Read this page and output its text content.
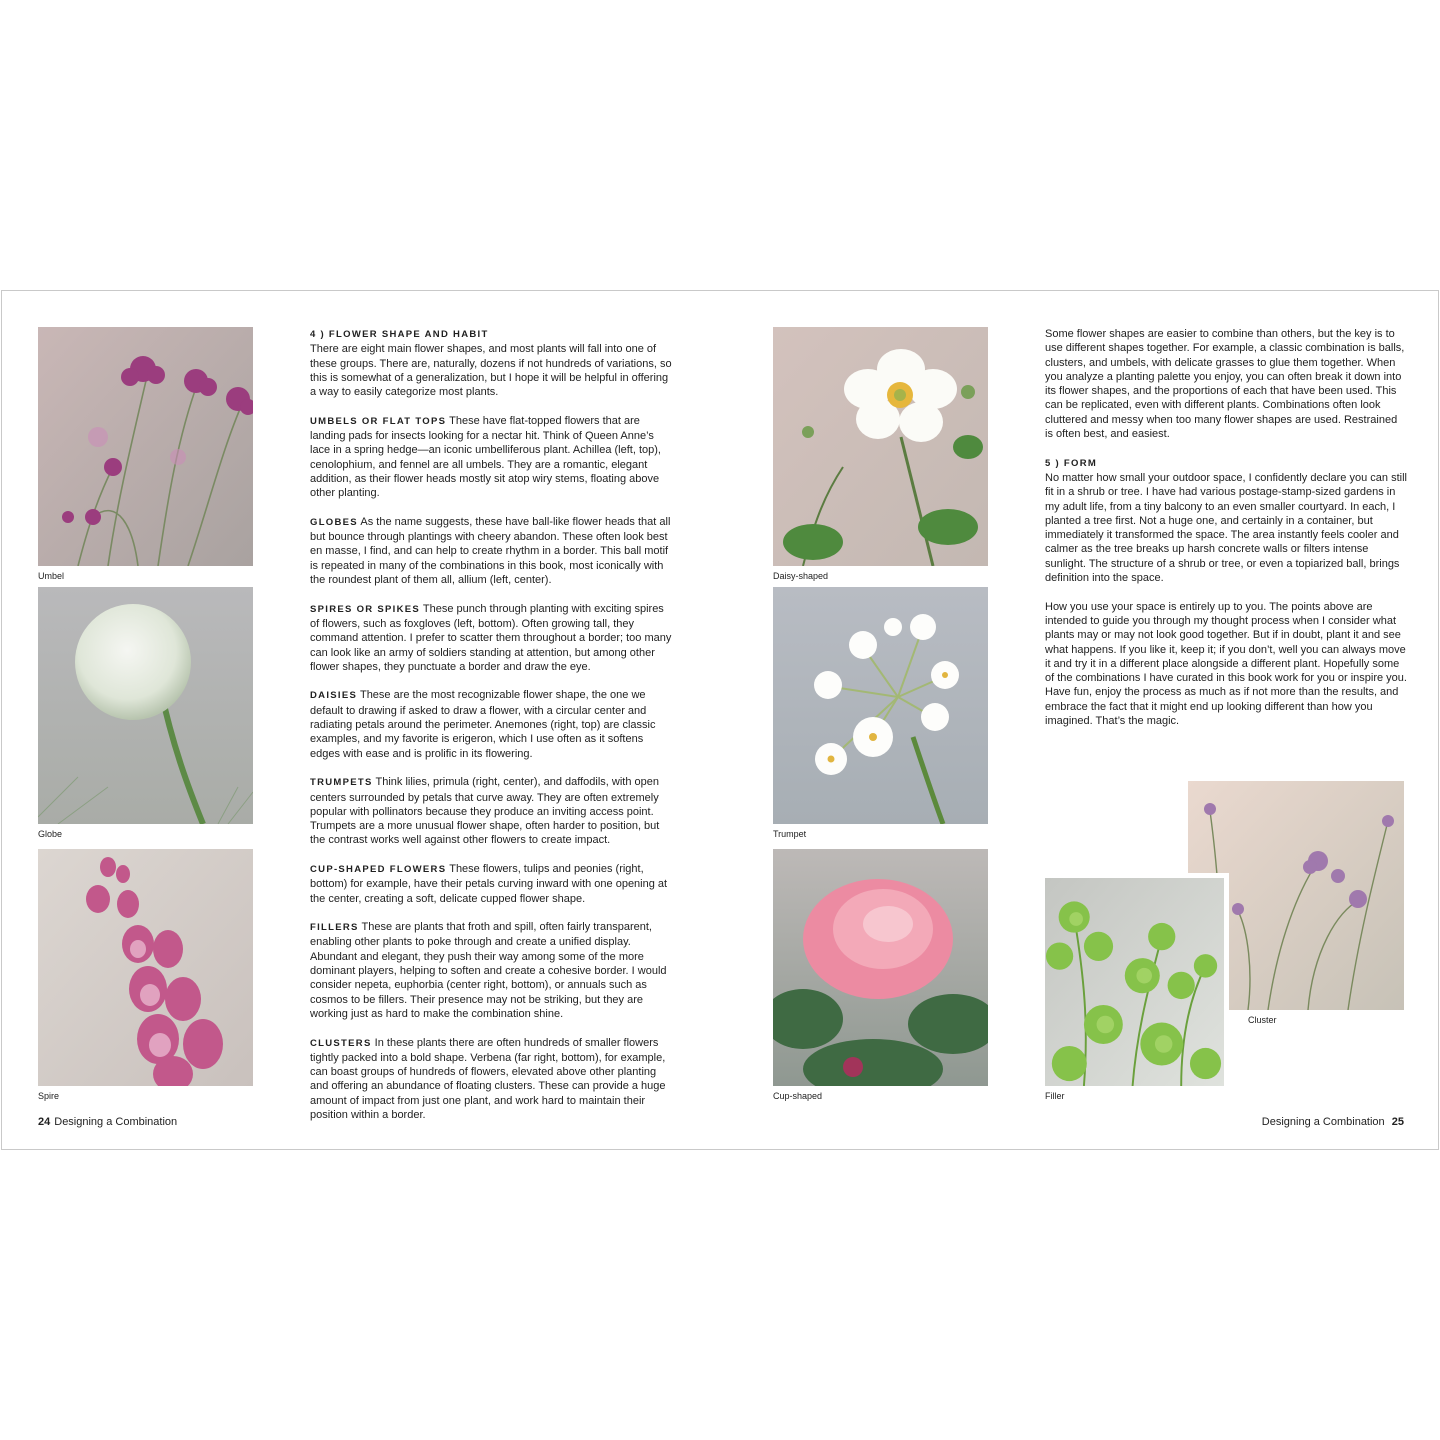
Umbel
Globe
Spire

4 ) FLOWER SHAPE AND HABIT
There are eight main flower shapes, and most plants will fall into one of these groups. There are, naturally, dozens if not hundreds of variations, so this is somewhat of a generalization, but I hope it will be helpful in offering a way to easily categorize most plants.

UMBELS OR FLAT TOPS These have flat-topped flowers that are landing pads for insects looking for a nectar hit. Think of Queen Anne’s lace in a spring hedge—an iconic umbelliferous plant. Achillea (left, top), cenolophium, and fennel are all umbels. They are a romantic, elegant addition, as their flower heads mostly sit atop wiry stems, floating above other planting.

GLOBES As the name suggests, these have ball-like flower heads that all but bounce through plantings with cheery abandon. These often look best en masse, I find, and can help to create rhythm in a border. This ball motif is repeated in many of the combinations in this book, most iconically with the roundest plant of them all, allium (left, center).

SPIRES OR SPIKES These punch through planting with exciting spires of flowers, such as foxgloves (left, bottom). Often growing tall, they command attention. I prefer to scatter them throughout a border; too many can look like an army of soldiers standing at attention, but among other flower shapes, they punctuate a border and draw the eye.

DAISIES These are the most recognizable flower shape, the one we default to drawing if asked to draw a flower, with a circular center and radiating petals around the perimeter. Anemones (right, top) are classic examples, and my favorite is erigeron, which I use often as it softens edges with ease and is prolific in its flowering.

TRUMPETS Think lilies, primula (right, center), and daffodils, with open centers surrounded by petals that curve away. They are often extremely popular with pollinators because they produce an inviting access point. Trumpets are a more unusual flower shape, often harder to position, but the contrast works well against other flowers to create impact.

CUP-SHAPED FLOWERS These flowers, tulips and peonies (right, bottom) for example, have their petals curving inward with one opening at the center, creating a soft, delicate cupped flower shape.

FILLERS These are plants that froth and spill, often fairly transparent, enabling other plants to poke through and create a unified display. Abundant and elegant, they push their way among some of the more dominant players, helping to soften and create a cohesive border. I would consider nepeta, euphorbia (center right, bottom), or annuals such as cosmos to be fillers. Their presence may not be striking, but they are working just as hard to make the combination shine.

CLUSTERS In these plants there are often hundreds of smaller flowers tightly packed into a bold shape. Verbena (far right, bottom), for example, can boast groups of hundreds of flowers, elevated above other planting and offering an abundance of floating clusters. These can provide a huge amount of impact from just one plant, and work hard to maintain their position within a border.

24 Designing a Combination
Daisy-shaped
Trumpet
Cup-shaped
Cluster
Filler

Some flower shapes are easier to combine than others, but the key is to use different shapes together. For example, a classic combination is balls, clusters, and umbels, with delicate grasses to glue them together. When you analyze a planting palette you enjoy, you can often break it down into its flower shapes, and the proportions of each that have been used. This can be replicated, even with different plants. Combinations often look cluttered and messy when too many flower shapes are used. Restrained is often best, and easiest.

5 ) FORM
No matter how small your outdoor space, I confidently declare you can still fit in a shrub or tree. I have had various postage-stamp-sized gardens in my adult life, from a tiny balcony to an even smaller courtyard. In each, I planted a tree first. Not a huge one, and certainly in a container, but immediately it transformed the space. The area instantly feels cooler and calmer as the tree breaks up harsh concrete walls or filters intense sunlight. The structure of a shrub or tree, or even a topiarized ball, brings definition into the space.

How you use your space is entirely up to you. The points above are intended to guide you through my thought process when I consider what plants may or may not look good together. But if in doubt, plant it and see what happens. If you like it, keep it; if you don’t, well you can always move it and try it in a different place alongside a different plant. Hopefully some of the combinations I have curated in this book work for you or inspire you. Have fun, enjoy the process as much as if not more than the results, and embrace the fact that it might end up looking different than how you imagined. That’s the magic.

Designing a Combination 25
